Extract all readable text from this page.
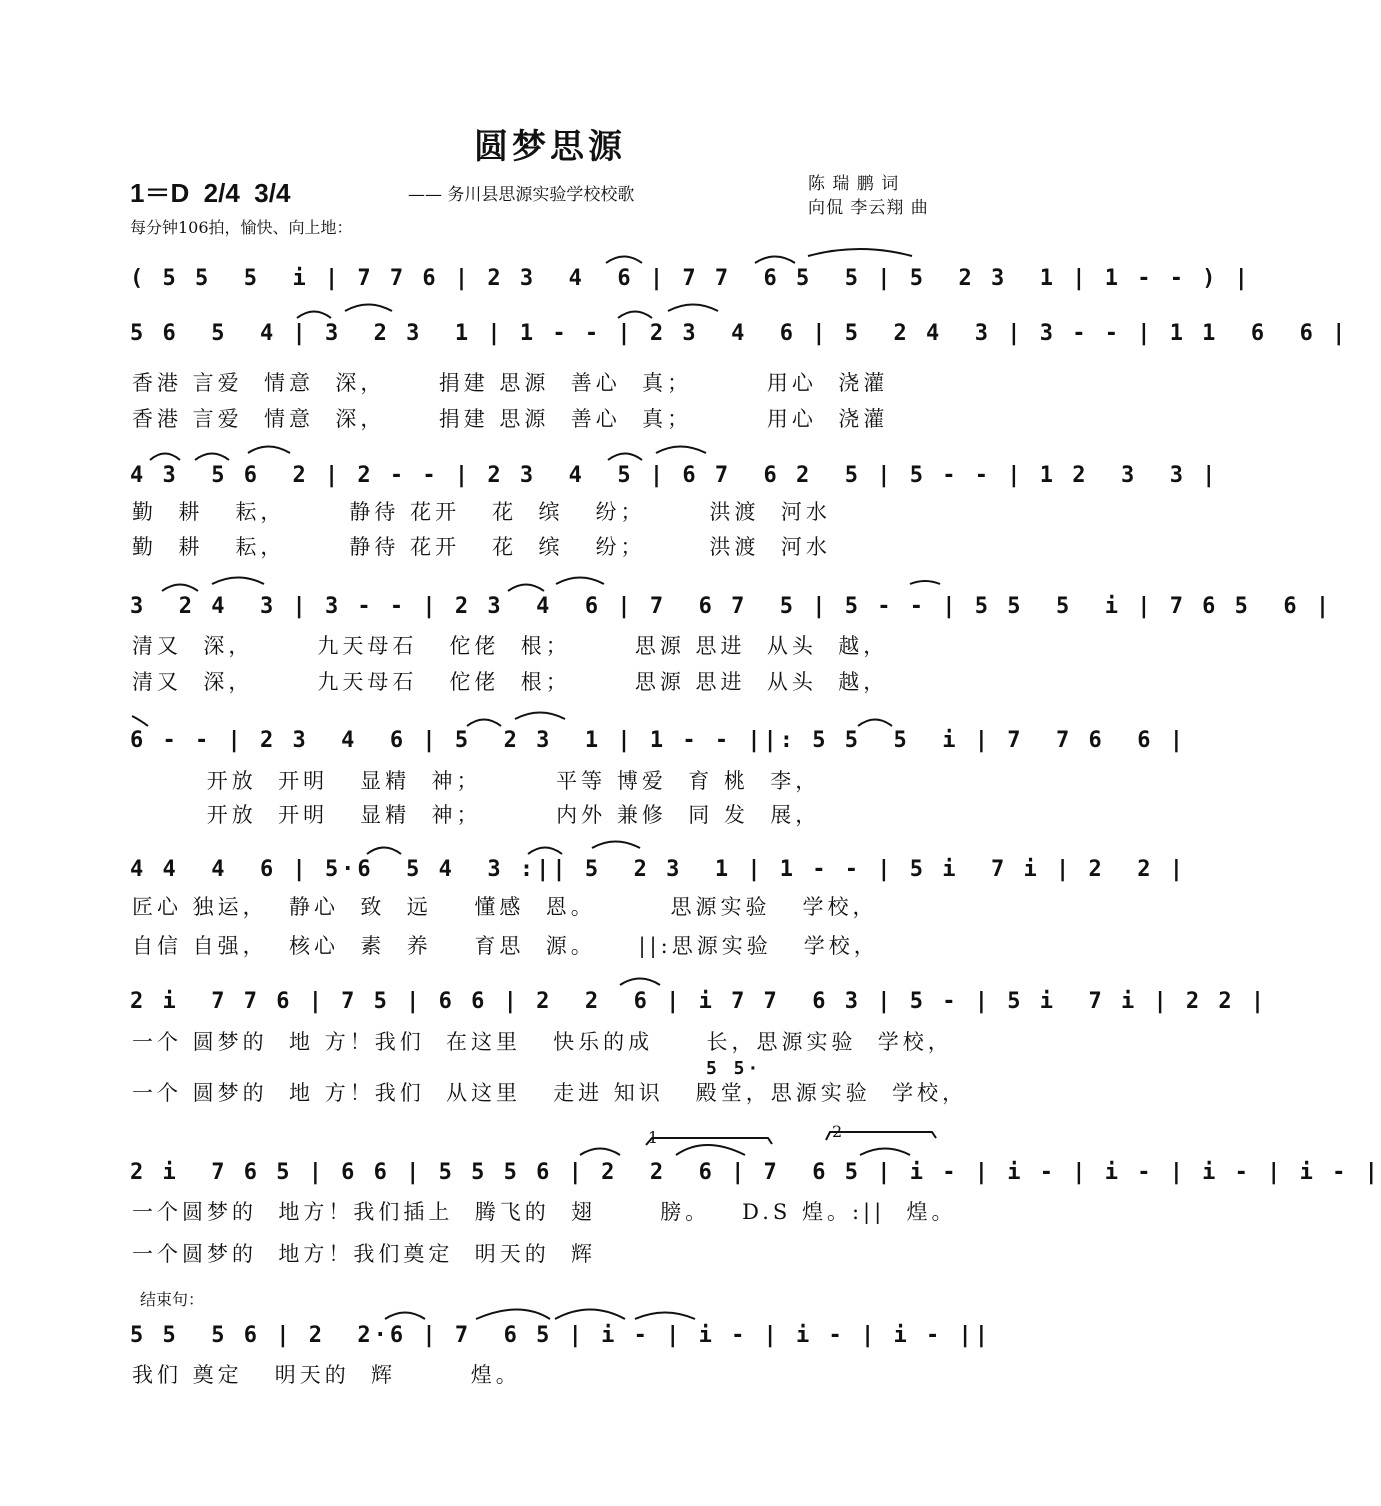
圆梦思源
1＝D  2/4  3/4	—— 务川县思源实验学校校歌
陈 瑞 鹏 词
向侃 李云翔 曲
每分钟106拍，愉快、向上地：
( 5 5  5  i | 7 7 6 | 2 3  4  6 | 7 7  6 5  5 | 5  2 3  1 | 1 - - ) |
5 6  5  4 | 3  2 3  1 | 1 - - | 2 3  4  6 | 5  2 4  3 | 3 - - | 1 1  6  6 |
香港 言爱  情意  深，     捐建 思源  善心  真；       用心  浇灌
香港 言爱  情意  深，     捐建 思源  善心  真；       用心  浇灌
4 3  5 6  2 | 2 - - | 2 3  4  5 | 6 7  6 2  5 | 5 - - | 1 2  3  3 |
勤  耕   耘，      静待 花开   花  缤   纷；      洪渡  河水
勤  耕   耘，      静待 花开   花  缤   纷；      洪渡  河水
3  2 4  3 | 3 - - | 2 3  4  6 | 7  6 7  5 | 5 - - | 5 5  5  i | 7 6 5  6 |
清又  深，      九天母石   佗佬  根；      思源 思进  从头  越，
清又  深，      九天母石   佗佬  根；      思源 思进  从头  越，
6 - - | 2 3  4  6 | 5  2 3  1 | 1 - - ||: 5 5  5  i | 7  7 6  6 |
开放  开明   显精  神；       平等 博爱  育 桃  李，
开放  开明   显精  神；       内外 兼修  同 发  展，
4 4  4  6 | 5·6  5 4  3 :|| 5  2 3  1 | 1 - - | 5 i  7 i | 2  2 |
匠心 独运，  静心  致  远    懂感  恩。       思源实验   学校，
自信 自强，  核心  素  养    育思  源。    ||:思源实验   学校，
2 i  7 7 6 | 7 5 | 6 6 | 2  2  6 | i 7 7  6 3 | 5 - | 5 i  7 i | 2 2 |
一个 圆梦的  地 方！我们  在这里   快乐的成     长，思源实验  学校，
5 5·
一个 圆梦的  地 方！我们  从这里   走进 知识   殿堂，思源实验  学校，
1	2
2 i  7 6 5 | 6 6 | 5 5 5 6 | 2  2  6 | 7  6 5 | i - | i - | i - | i - | i - |
一个圆梦的  地方！我们插上  腾飞的  翅      膀。   D.S 煌。:||  煌。
一个圆梦的  地方！我们奠定  明天的  辉
结束句：
5 5  5 6 | 2  2·6 | 7  6 5 | i - | i - | i - | i - ||
我们 奠定   明天的  辉       煌。
